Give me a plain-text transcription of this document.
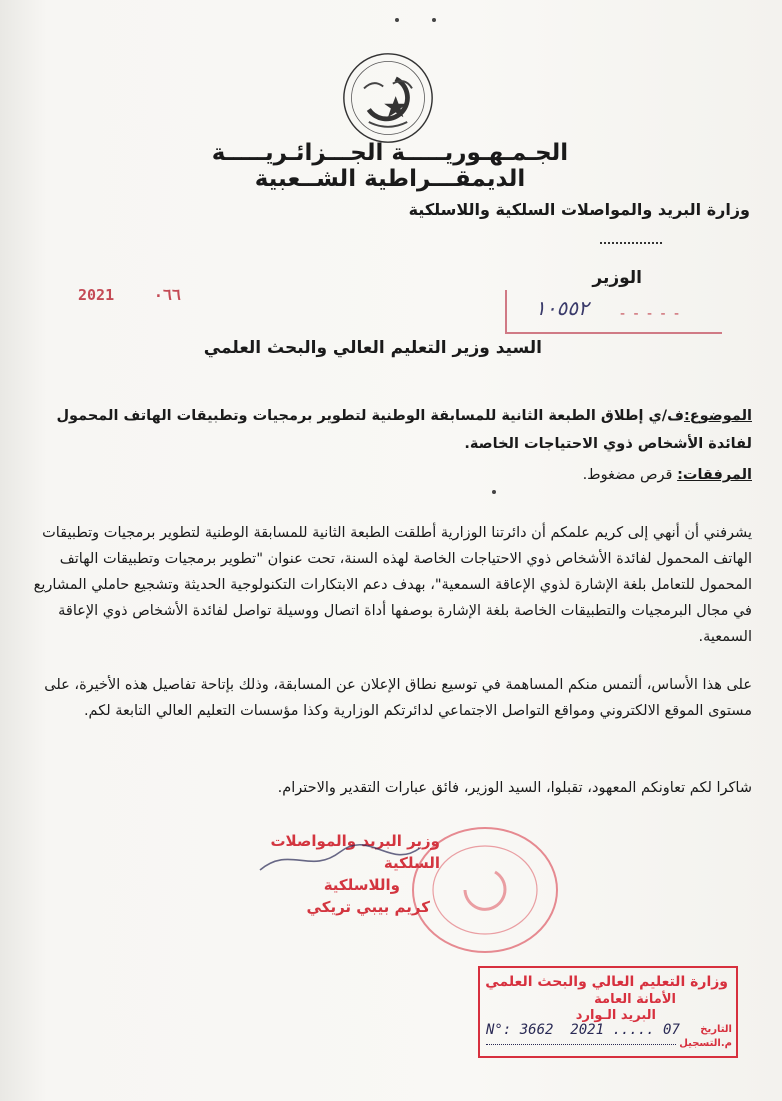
الجـمـهـوريـــــة الجـــزائـريـــــة الديمقـــراطية الشــعبية
وزارة البريد والمواصلات السلكية واللاسلكية
الوزير
2021	٠٦٦
١٠٥٥٢ - - - - -
السيد وزير التعليم العالي والبحث العلمي
الموضوع:ف/ي إطلاق الطبعة الثانية للمسابقة الوطنية لتطوير برمجيات وتطبيقات الهاتف المحمول لفائدة الأشخاص ذوي الاحتياجات الخاصة.
المرفقات: قرص مضغوط.
يشرفني أن أنهي إلى كريم علمكم أن دائرتنا الوزارية أطلقت الطبعة الثانية للمسابقة الوطنية لتطوير برمجيات وتطبيقات الهاتف المحمول لفائدة الأشخاص ذوي الاحتياجات الخاصة لهذه السنة، تحت عنوان "تطوير برمجيات وتطبيقات الهاتف المحمول للتعامل بلغة الإشارة لذوي الإعاقة السمعية"، بهدف دعم الابتكارات التكنولوجية الحديثة وتشجيع حاملي المشاريع في مجال البرمجيات والتطبيقات الخاصة بلغة الإشارة بوصفها أداة اتصال ووسيلة تواصل لفائدة الأشخاص ذوي الإعاقة السمعية.
على هذا الأساس، ألتمس منكم المساهمة في توسيع نطاق الإعلان عن المسابقة، وذلك بإتاحة تفاصيل هذه الأخيرة، على مستوى الموقع الالكتروني ومواقع التواصل الاجتماعي لدائرتكم الوزارية وكذا مؤسسات التعليم العالي التابعة لكم.
شاكرا لكم تعاونكم المعهود، تقبلوا، السيد الوزير، فائق عبارات التقدير والاحترام.
وزير البريد والمواصلات السلكية
واللاسلكية
كريم بيبي تريكي
وزارة التعليم العالي والبحث العلمي
الأمانة العامة
البريد الـوارد
N°: 3662 2021 ..... 07 التاريخ
م.التسجيل
